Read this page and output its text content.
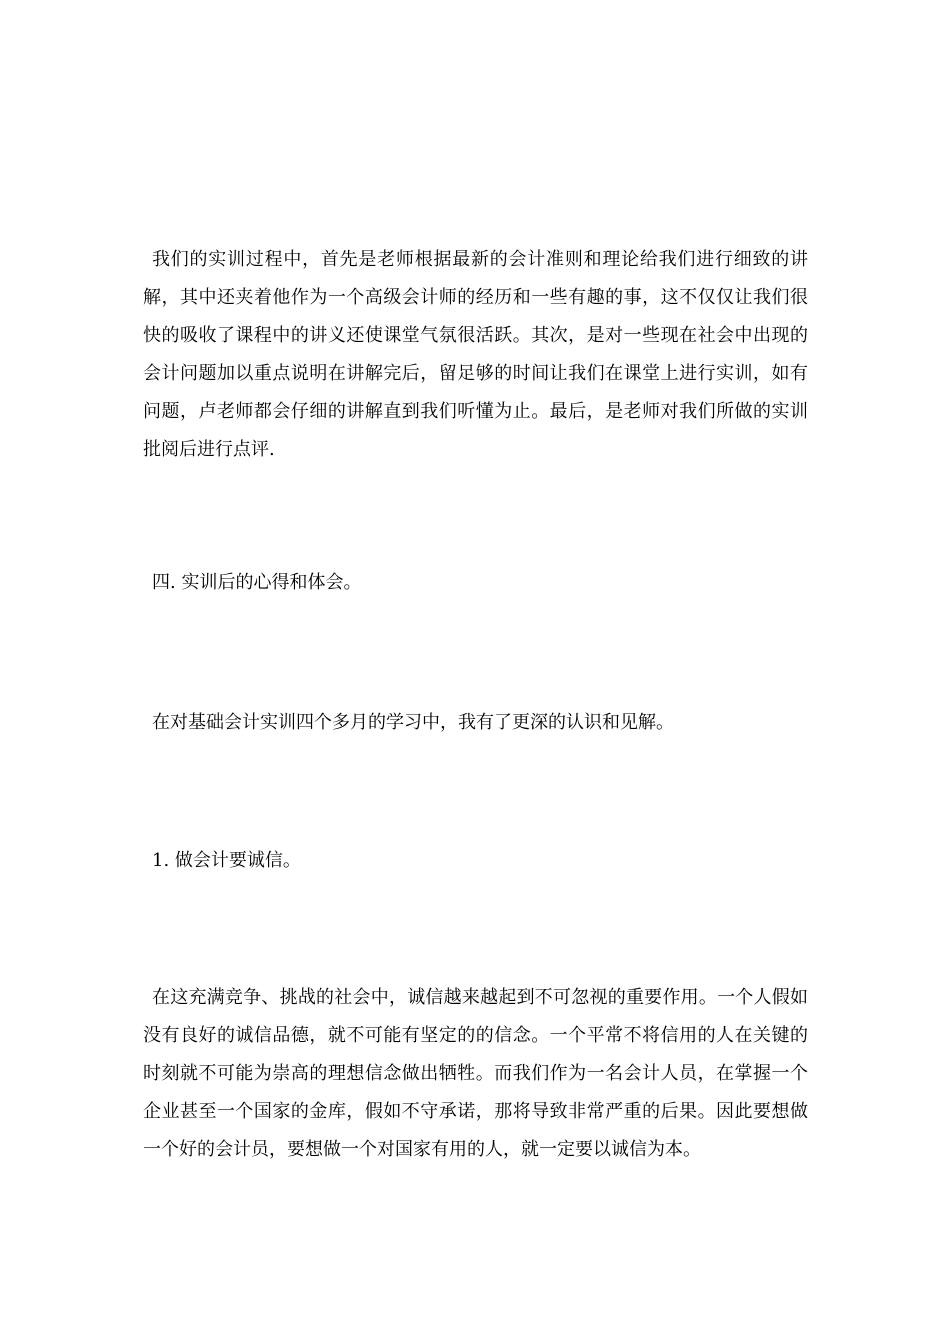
我们的实训过程中，首先是老师根据最新的会计准则和理论给我们进行细致的讲解，其中还夹着他作为一个高级会计师的经历和一些有趣的事，这不仅仅让我们很快的吸收了课程中的讲义还使课堂气氛很活跃。其次，是对一些现在社会中出现的会计问题加以重点说明在讲解完后，留足够的时间让我们在课堂上进行实训，如有问题，卢老师都会仔细的讲解直到我们听懂为止。最后，是老师对我们所做的实训批阅后进行点评.

四. 实训后的心得和体会。

在对基础会计实训四个多月的学习中，我有了更深的认识和见解。

1. 做会计要诚信。

在这充满竞争、挑战的社会中，诚信越来越起到不可忽视的重要作用。一个人假如没有良好的诚信品德，就不可能有坚定的的信念。一个平常不将信用的人在关键的时刻就不可能为崇高的理想信念做出牺牲。而我们作为一名会计人员，在掌握一个企业甚至一个国家的金库，假如不守承诺，那将导致非常严重的后果。因此要想做一个好的会计员，要想做一个对国家有用的人，就一定要以诚信为本。
